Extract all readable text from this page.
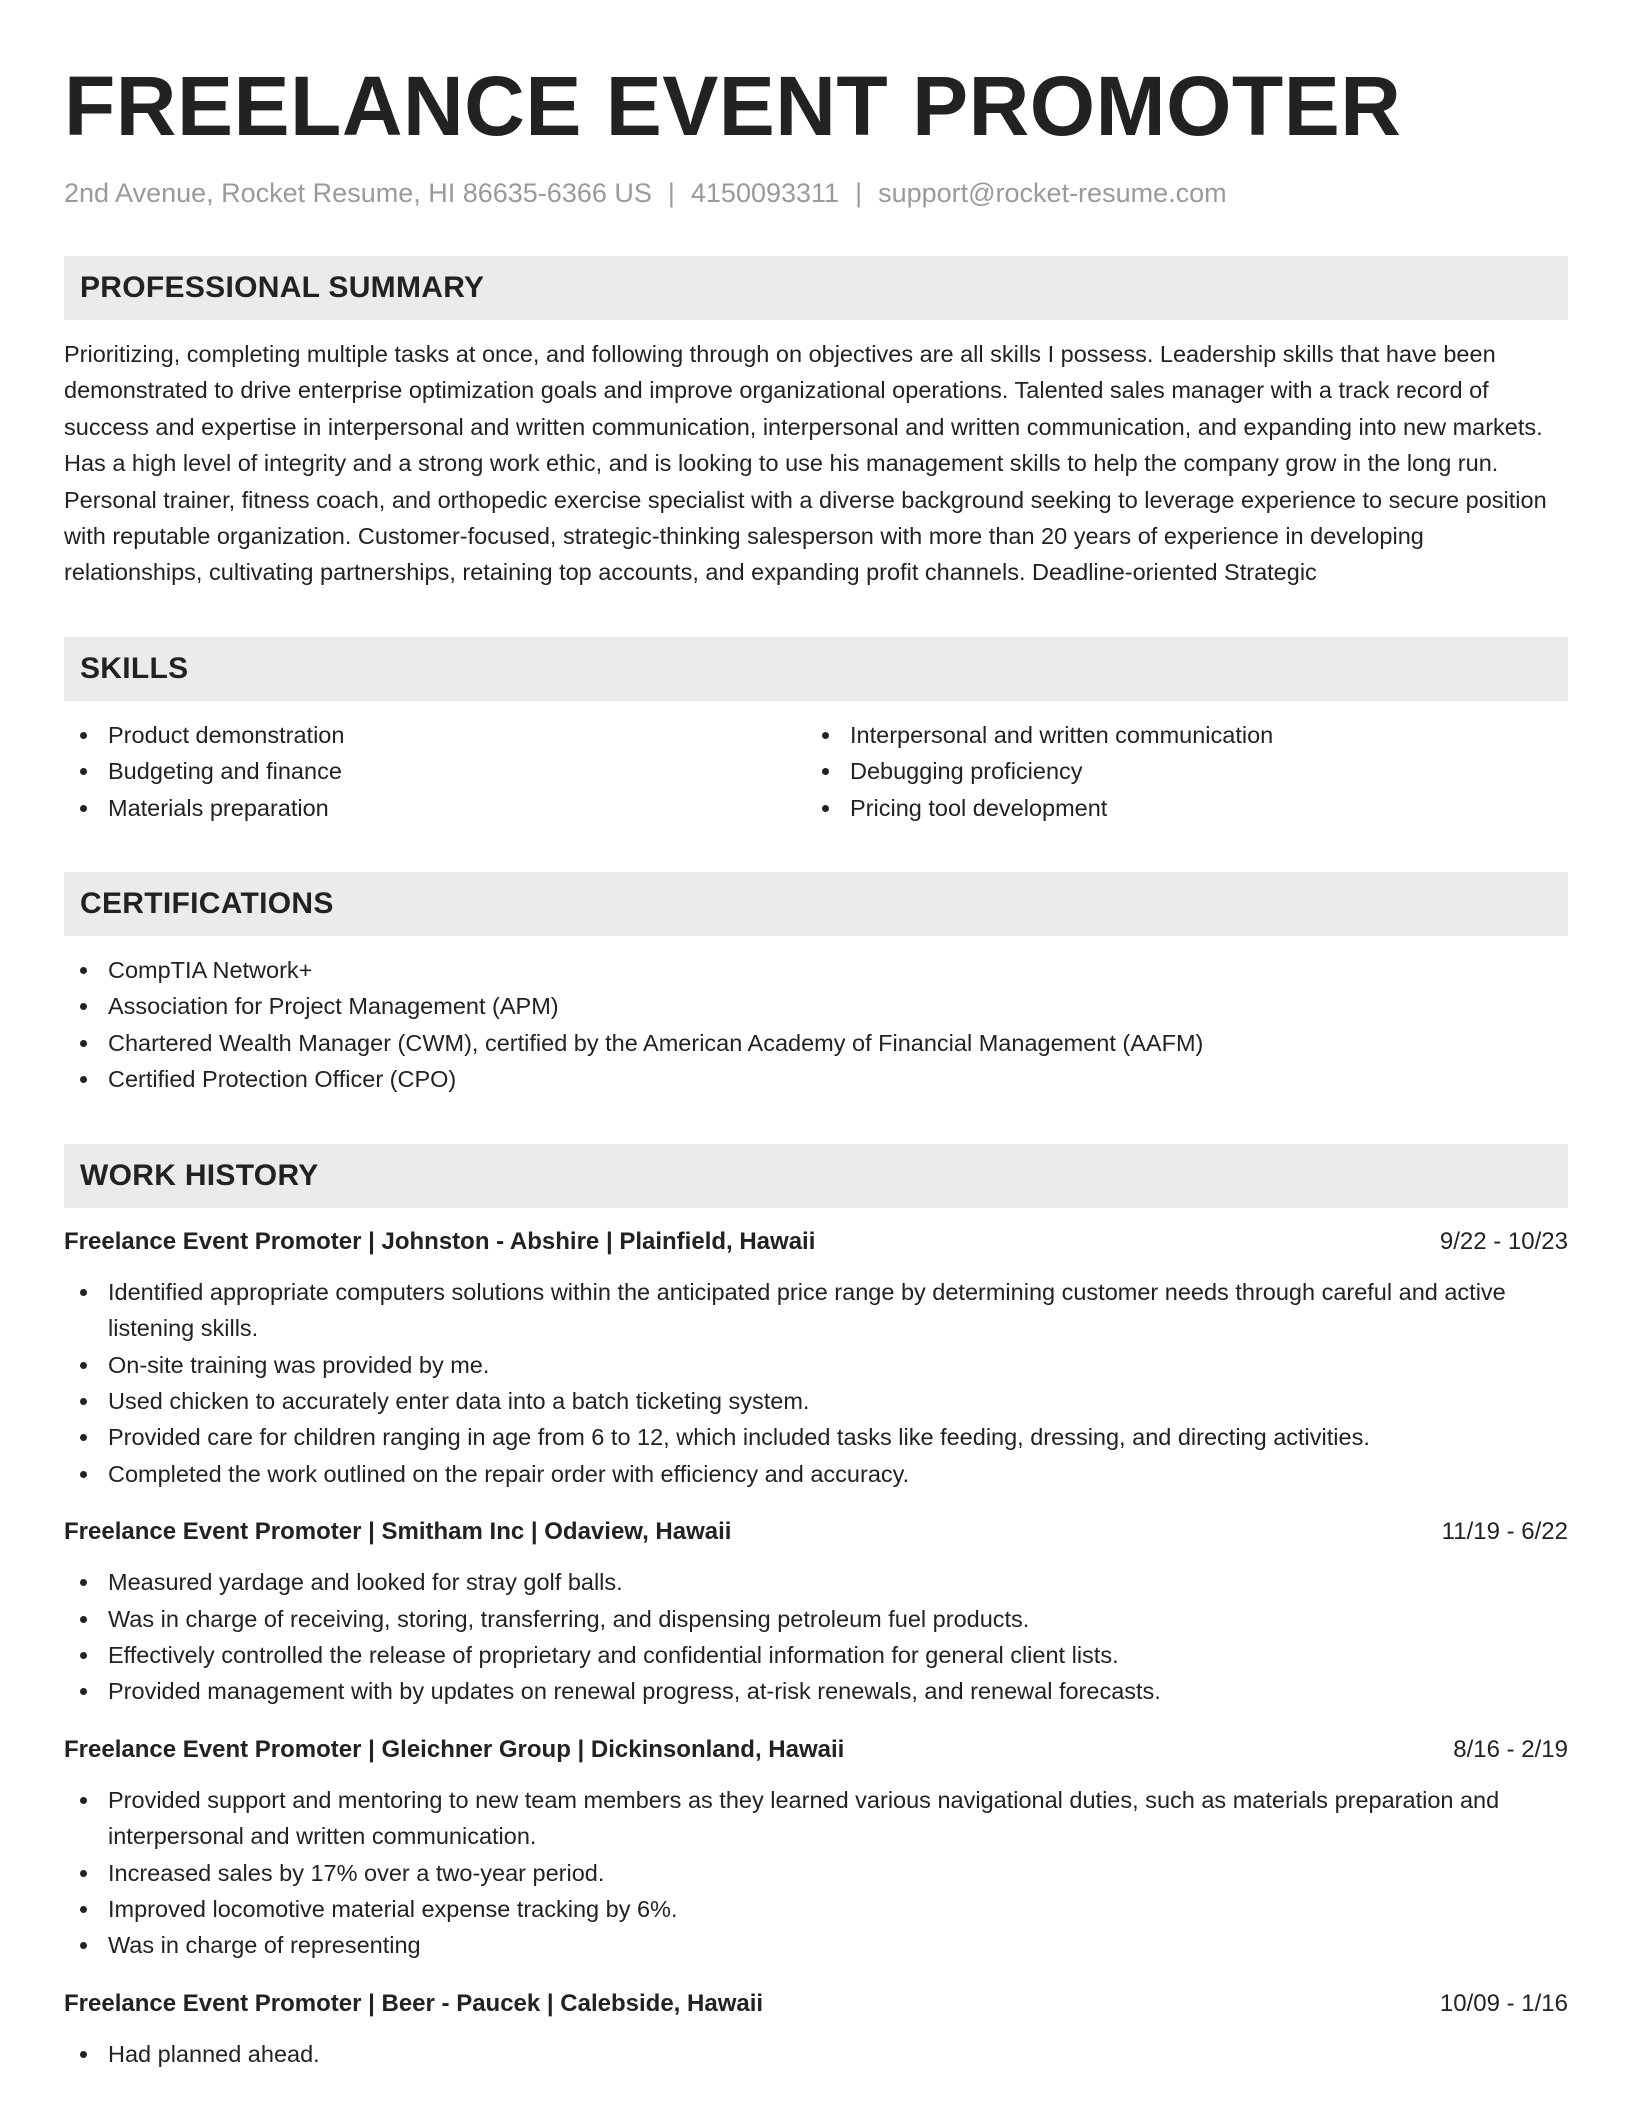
FREELANCE EVENT PROMOTER
2nd Avenue, Rocket Resume, HI 86635-6366 US | 4150093311 | support@rocket-resume.com
PROFESSIONAL SUMMARY

Prioritizing, completing multiple tasks at once, and following through on objectives are all skills I possess. Leadership skills that have been demonstrated to drive enterprise optimization goals and improve organizational operations. Talented sales manager with a track record of success and expertise in interpersonal and written communication, interpersonal and written communication, and expanding into new markets. Has a high level of integrity and a strong work ethic, and is looking to use his management skills to help the company grow in the long run. Personal trainer, fitness coach, and orthopedic exercise specialist with a diverse background seeking to leverage experience to secure position with reputable organization. Customer-focused, strategic-thinking salesperson with more than 20 years of experience in developing relationships, cultivating partnerships, retaining top accounts, and expanding profit channels. Deadline-oriented Strategic

SKILLS
Product demonstration
Budgeting and finance
Materials preparation
Interpersonal and written communication
Debugging proficiency
Pricing tool development
CERTIFICATIONS
CompTIA Network+
Association for Project Management (APM)
Chartered Wealth Manager (CWM), certified by the American Academy of Financial Management (AAFM)
Certified Protection Officer (CPO)
WORK HISTORY
Freelance Event Promoter | Johnston - Abshire | Plainfield, Hawaii	9/22 - 10/23
Identified appropriate computers solutions within the anticipated price range by determining customer needs through careful and active listening skills.
On-site training was provided by me.
Used chicken to accurately enter data into a batch ticketing system.
Provided care for children ranging in age from 6 to 12, which included tasks like feeding, dressing, and directing activities.
Completed the work outlined on the repair order with efficiency and accuracy.
Freelance Event Promoter | Smitham Inc | Odaview, Hawaii	11/19 - 6/22
Measured yardage and looked for stray golf balls.
Was in charge of receiving, storing, transferring, and dispensing petroleum fuel products.
Effectively controlled the release of proprietary and confidential information for general client lists.
Provided management with by updates on renewal progress, at-risk renewals, and renewal forecasts.
Freelance Event Promoter | Gleichner Group | Dickinsonland, Hawaii	8/16 - 2/19
Provided support and mentoring to new team members as they learned various navigational duties, such as materials preparation and interpersonal and written communication.
Increased sales by 17% over a two-year period.
Improved locomotive material expense tracking by 6%.
Was in charge of representing
Freelance Event Promoter | Beer - Paucek | Calebside, Hawaii	10/09 - 1/16
Had planned ahead.
